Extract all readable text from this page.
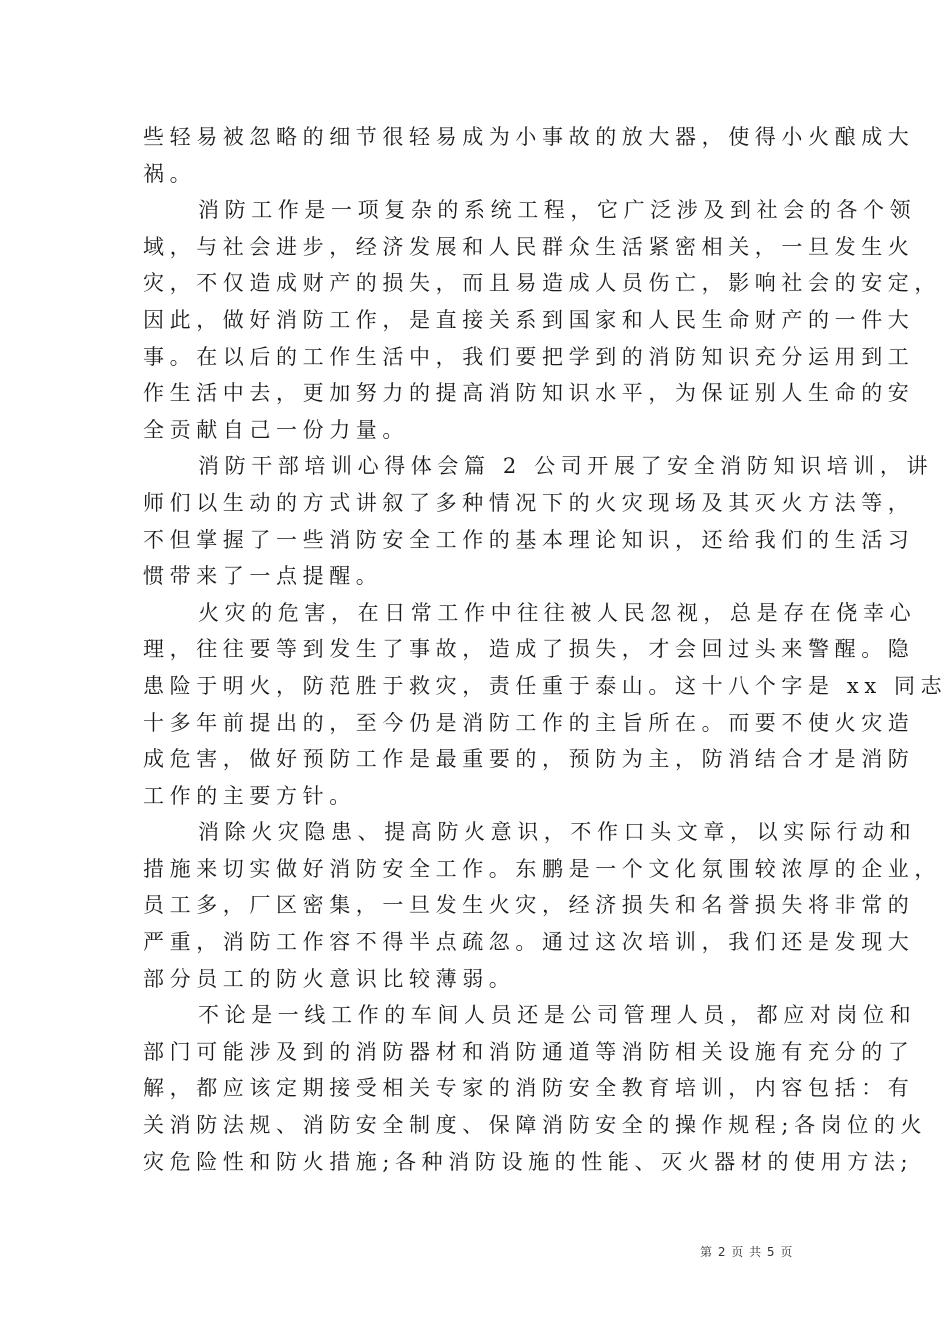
些轻易被忽略的细节很轻易成为小事故的放大器，使得小火酿成大
祸。
消防工作是一项复杂的系统工程，它广泛涉及到社会的各个领
域，与社会进步，经济发展和人民群众生活紧密相关，一旦发生火
灾，不仅造成财产的损失，而且易造成人员伤亡，影响社会的安定，
因此，做好消防工作，是直接关系到国家和人民生命财产的一件大
事。在以后的工作生活中，我们要把学到的消防知识充分运用到工
作生活中去，更加努力的提高消防知识水平，为保证别人生命的安
全贡献自己一份力量。
消防干部培训心得体会篇 2 公司开展了安全消防知识培训，讲
师们以生动的方式讲叙了多种情况下的火灾现场及其灭火方法等，
不但掌握了一些消防安全工作的基本理论知识，还给我们的生活习
惯带来了一点提醒。
火灾的危害，在日常工作中往往被人民忽视，总是存在侥幸心
理，往往要等到发生了事故，造成了损失，才会回过头来警醒。隐
患险于明火，防范胜于救灾，责任重于泰山。这十八个字是 xx 同志
十多年前提出的，至今仍是消防工作的主旨所在。而要不使火灾造
成危害，做好预防工作是最重要的，预防为主，防消结合才是消防
工作的主要方针。
消除火灾隐患、提高防火意识，不作口头文章，以实际行动和
措施来切实做好消防安全工作。东鹏是一个文化氛围较浓厚的企业，
员工多，厂区密集，一旦发生火灾，经济损失和名誉损失将非常的
严重，消防工作容不得半点疏忽。通过这次培训，我们还是发现大
部分员工的防火意识比较薄弱。
不论是一线工作的车间人员还是公司管理人员，都应对岗位和
部门可能涉及到的消防器材和消防通道等消防相关设施有充分的了
解，都应该定期接受相关专家的消防安全教育培训，内容包括：有
关消防法规、消防安全制度、保障消防安全的操作规程;各岗位的火
灾危险性和防火措施;各种消防设施的性能、灭火器材的使用方法;
第 2 页 共 5 页
